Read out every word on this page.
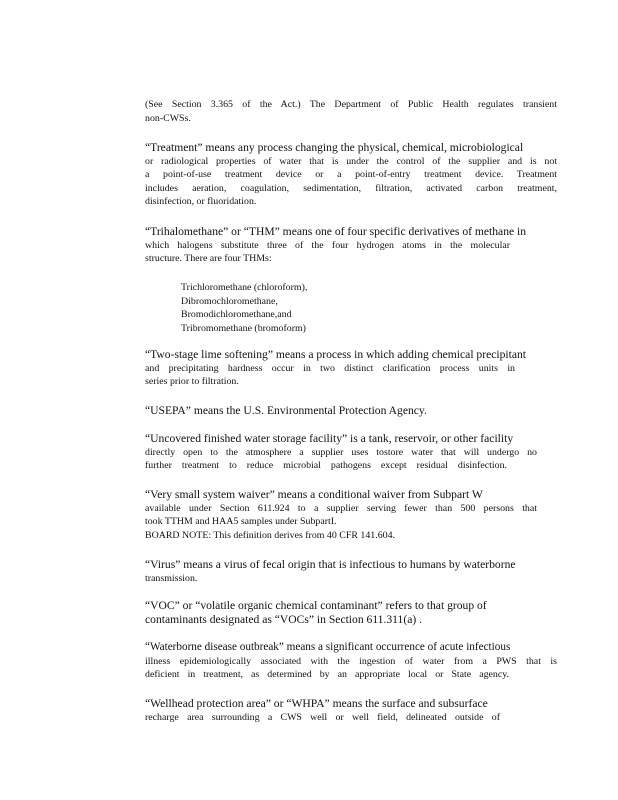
(See Section 3.365 of the Act.) The Department of Public Health regulates transient
non-CWSs.
“Treatment” means any process changing the physical, chemical, microbiological
or radiological properties of water that is under the control of the supplier and is not
a point-of-use treatment device or a point-of-entry treatment device. Treatment
includes aeration, coagulation, sedimentation, filtration, activated carbon treatment,
disinfection, or fluoridation.
“Trihalomethane” or “THM” means one of four specific derivatives of methane in
which halogens substitute three of the four hydrogen atoms in the molecular
structure. There are four THMs:
Trichloromethane (chloroform),
Dibromochloromethane,
Bromodichloromethane,and
Tribromomethane (bromoform)
“Two-stage lime softening” means a process in which adding chemical precipitant
and precipitating hardness occur in two distinct clarification process units in
series prior to filtration.
“USEPA” means the U.S. Environmental Protection Agency.
“Uncovered finished water storage facility” is a tank, reservoir, or other facility
directly open to the atmosphere a supplier uses tostore water that will undergo no
further treatment to reduce microbial pathogens except residual disinfection.
“Very small system waiver” means a conditional waiver from Subpart W
available under Section 611.924 to a supplier serving fewer than 500 persons that
took TTHM and HAA5 samples under SubpartI.
BOARD NOTE: This definition derives from 40 CFR 141.604.
“Virus” means a virus of fecal origin that is infectious to humans by waterborne
transmission.
“VOC” or “volatile organic chemical contaminant” refers to that group of
contaminants designated as “VOCs” in Section 611.311(a) .
“Waterborne disease outbreak” means a significant occurrence of acute infectious
illness epidemiologically associated with the ingestion of water from a PWS that is
deficient in treatment, as determined by an appropriate local or State agency.
“Wellhead protection area” or “WHPA” means the surface and subsurface
recharge area surrounding a CWS well or well field, delineated outside of
